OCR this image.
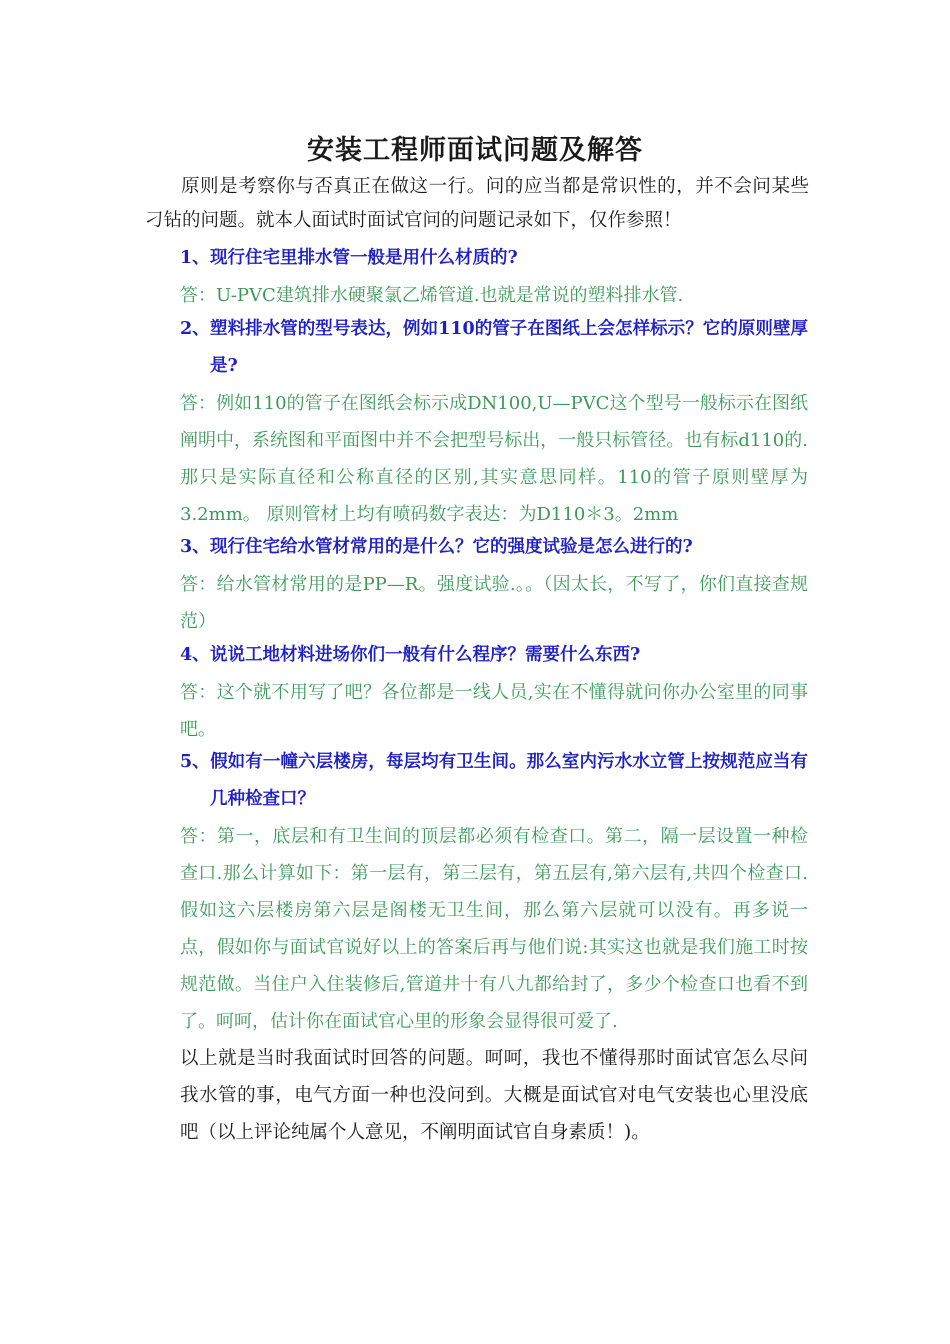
安装工程师面试问题及解答
原则是考察你与否真正在做这一行。问的应当都是常识性的，并不会问某些刁钻的问题。就本人面试时面试官问的问题记录如下，仅作参照！
1、现行住宅里排水管一般是用什么材质的?
答：U-PVC建筑排水硬聚氯乙烯管道.也就是常说的塑料排水管.
2、塑料排水管的型号表达，例如110的管子在图纸上会怎样标示？它的原则壁厚是?
答：例如110的管子在图纸会标示成DN100,U—PVC这个型号一般标示在图纸阐明中，系统图和平面图中并不会把型号标出，一般只标管径。也有标d110的.那只是实际直径和公称直径的区别,其实意思同样。110的管子原则壁厚为3.2mm。 原则管材上均有喷码数字表达：为D110＊3。2mm
3、现行住宅给水管材常用的是什么？它的强度试验是怎么进行的?
答：给水管材常用的是PP—R。强度试验.。。（因太长，不写了，你们直接查规范）
4、说说工地材料进场你们一般有什么程序？需要什么东西?
答：这个就不用写了吧？各位都是一线人员,实在不懂得就问你办公室里的同事吧。
5、假如有一幢六层楼房，每层均有卫生间。那么室内污水水立管上按规范应当有几种检查口？
答：第一，底层和有卫生间的顶层都必须有检查口。第二，隔一层设置一种检查口.那么计算如下：第一层有，第三层有，第五层有,第六层有,共四个检查口.假如这六层楼房第六层是阁楼无卫生间，那么第六层就可以没有。再多说一点，假如你与面试官说好以上的答案后再与他们说:其实这也就是我们施工时按规范做。当住户入住装修后,管道井十有八九都给封了，多少个检查口也看不到了。呵呵，估计你在面试官心里的形象会显得很可爱了.
以上就是当时我面试时回答的问题。呵呵，我也不懂得那时面试官怎么尽问我水管的事，电气方面一种也没问到。大概是面试官对电气安装也心里没底吧（以上评论纯属个人意见，不阐明面试官自身素质！)。
